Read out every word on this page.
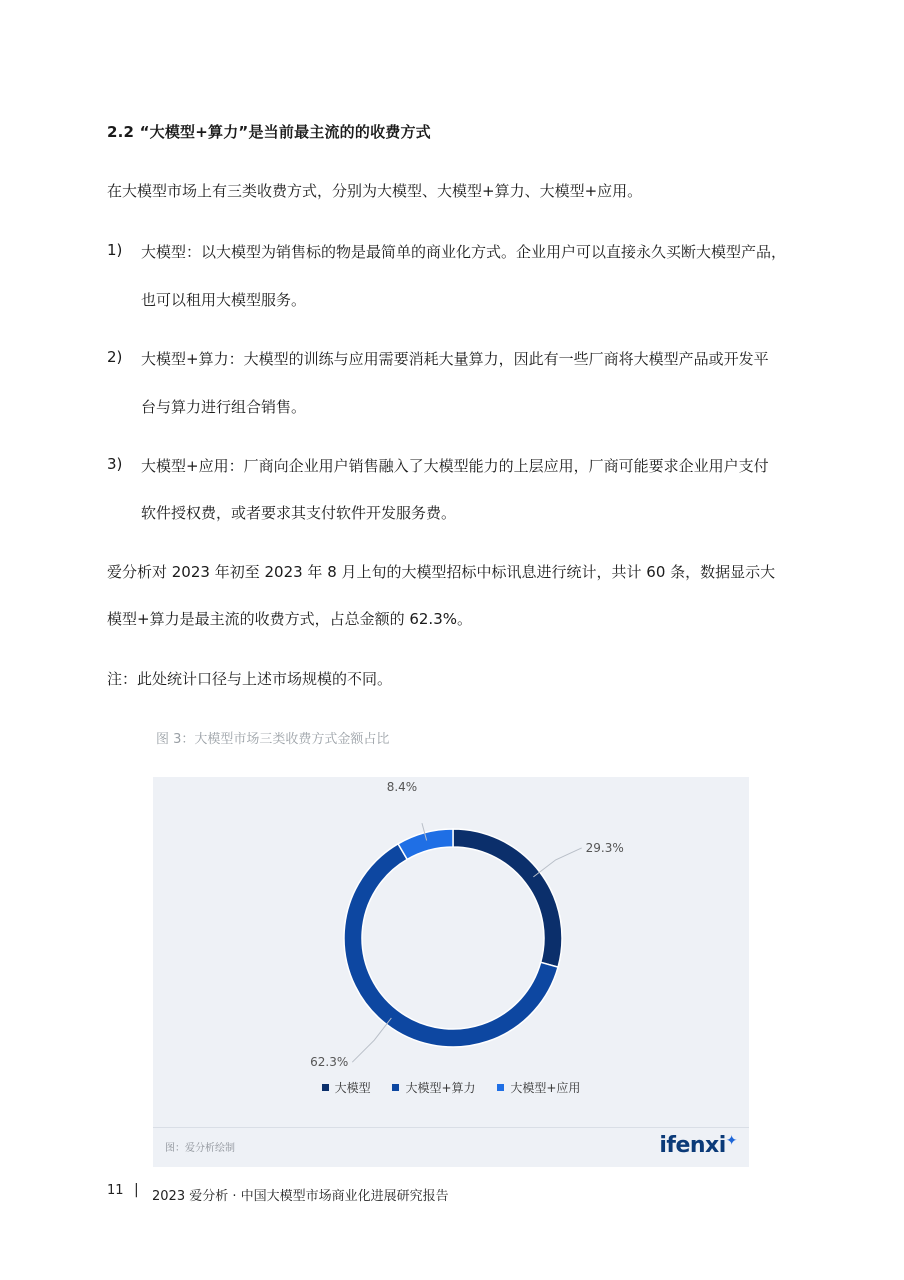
2.2 “大模型+算力”是当前最主流的的收费方式
在大模型市场上有三类收费方式，分别为大模型、大模型+算力、大模型+应用。
1) 大模型：以大模型为销售标的物是最简单的商业化方式。企业用户可以直接永久买断大模型产品，
也可以租用大模型服务。
2) 大模型+算力：大模型的训练与应用需要消耗大量算力，因此有一些厂商将大模型产品或开发平
台与算力进行组合销售。
3) 大模型+应用：厂商向企业用户销售融入了大模型能力的上层应用，厂商可能要求企业用户支付
软件授权费，或者要求其支付软件开发服务费。
爱分析对 2023 年初至 2023 年 8 月上旬的大模型招标中标讯息进行统计，共计 60 条，数据显示大
模型+算力是最主流的收费方式，占总金额的 62.3%。
注：此处统计口径与上述市场规模的不同。
图 3：大模型市场三类收费方式金额占比
29.3%
62.3%
8.4%
大模型	大模型+算力	大模型+应用
图：爱分析绘制	ifenxi✦
11 | 2023 爱分析 · 中国大模型市场商业化进展研究报告
